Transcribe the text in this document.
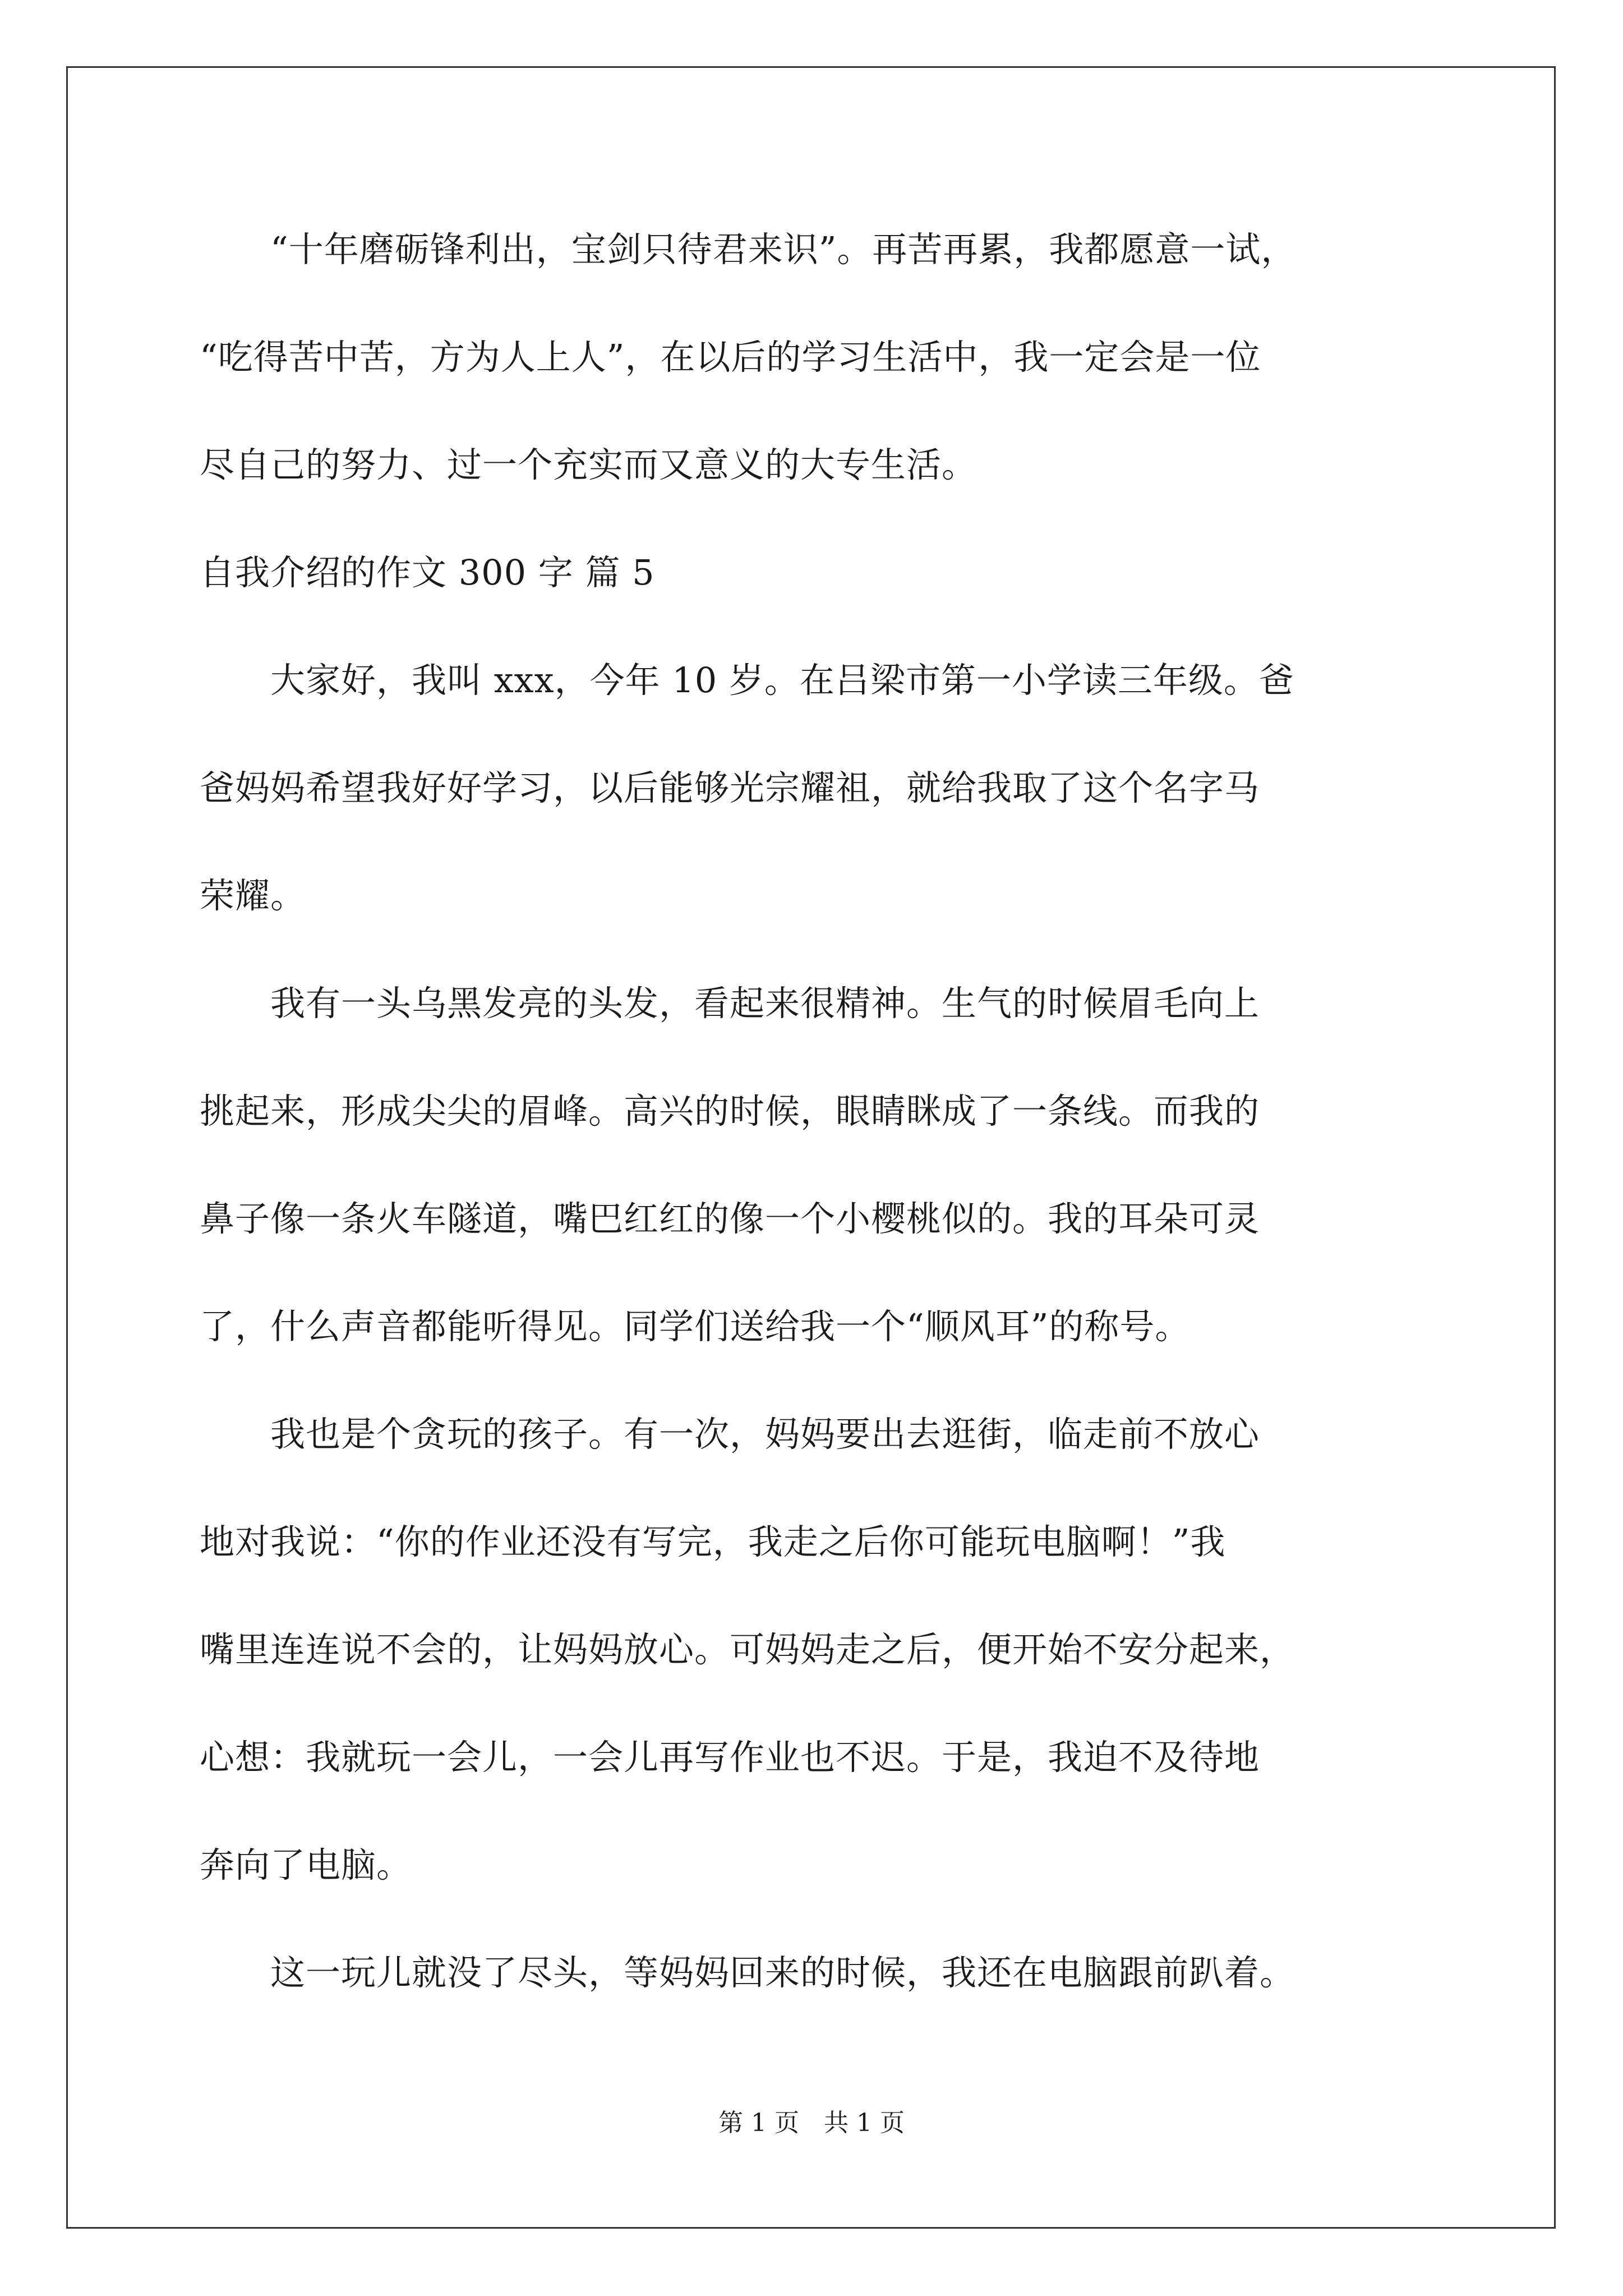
　　“十年磨砺锋利出，宝剑只待君来识”。再苦再累，我都愿意一试，
“吃得苦中苦，方为人上人”，在以后的学习生活中，我一定会是一位
尽自己的努力、过一个充实而又意义的大专生活。
自我介绍的作文 300 字 篇 5
　　大家好，我叫 xxx，今年 10 岁。在吕梁市第一小学读三年级。爸
爸妈妈希望我好好学习，以后能够光宗耀祖，就给我取了这个名字马
荣耀。
　　我有一头乌黑发亮的头发，看起来很精神。生气的时候眉毛向上
挑起来，形成尖尖的眉峰。高兴的时候，眼睛眯成了一条线。而我的
鼻子像一条火车隧道，嘴巴红红的像一个小樱桃似的。我的耳朵可灵
了，什么声音都能听得见。同学们送给我一个“顺风耳”的称号。
　　我也是个贪玩的孩子。有一次，妈妈要出去逛街，临走前不放心
地对我说：“你的作业还没有写完，我走之后你可能玩电脑啊！”我
嘴里连连说不会的，让妈妈放心。可妈妈走之后，便开始不安分起来，
心想：我就玩一会儿，一会儿再写作业也不迟。于是，我迫不及待地
奔向了电脑。
　　这一玩儿就没了尽头，等妈妈回来的时候，我还在电脑跟前趴着。
第 1 页　共 1 页
